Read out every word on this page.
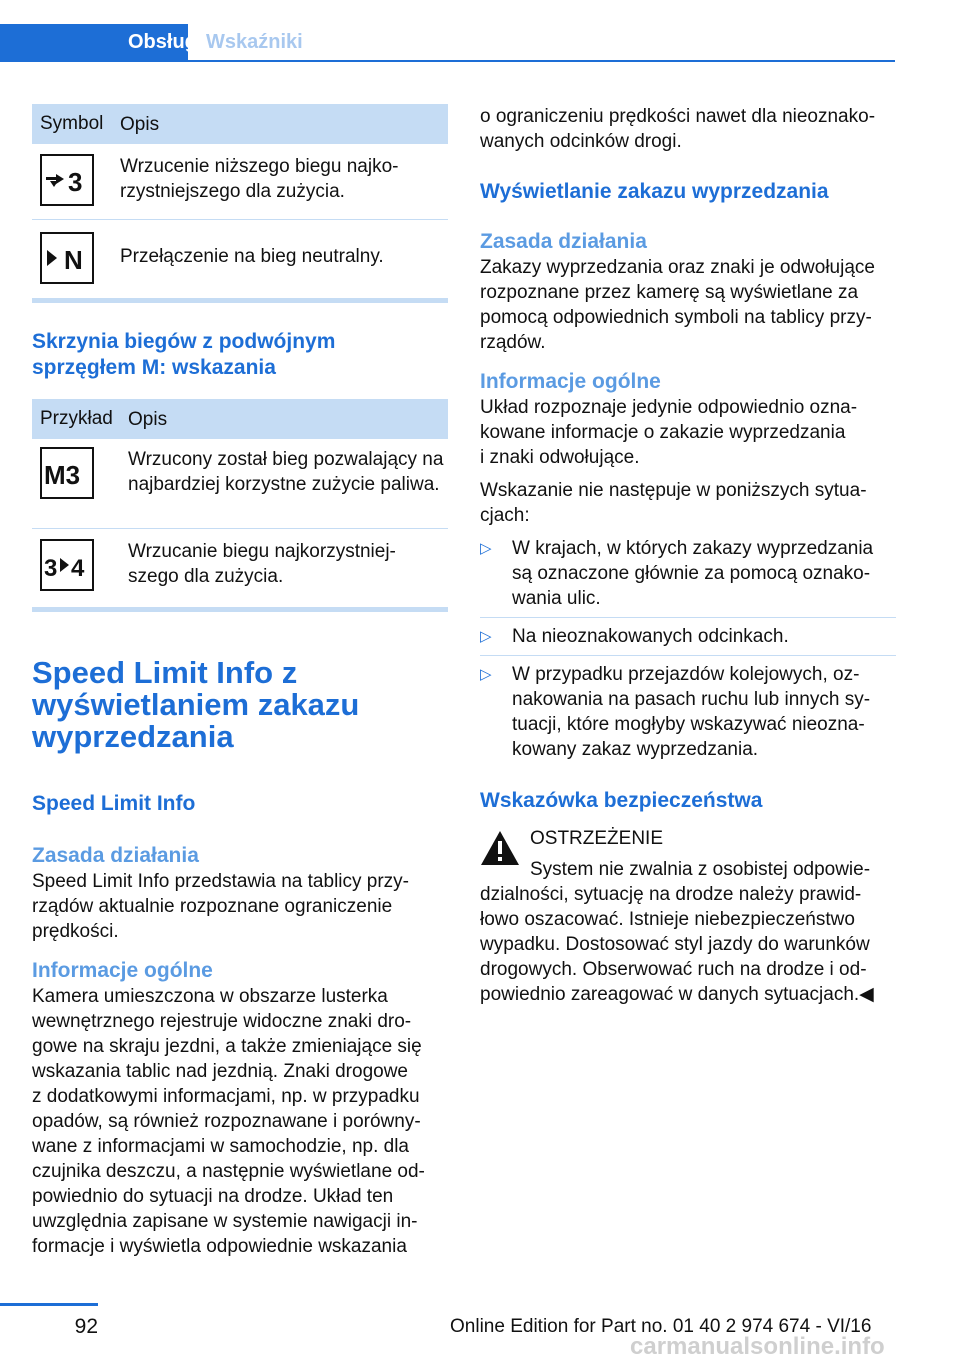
Obsługa
Wskaźniki
Symbol Opis
3
Wrzucenie niższego biegu najko-
rzystniejszego dla zużycia.
N Przełączenie na bieg neutralny.
Skrzynia biegów z podwójnym sprzęgłem M: wskazania
Przykład Opis
M3
Wrzucony został bieg pozwalający na najbardziej korzystne zużycie paliwa.
3 4
Wrzucanie biegu najkorzystniej-
szego dla zużycia.
Speed Limit Info z wyświetlaniem zakazu wyprzedzania
Speed Limit Info
Zasada działania

Speed Limit Info przedstawia na tablicy przy-
rządów aktualnie rozpoznane ograniczenie
prędkości.

Informacje ogólne

Kamera umieszczona w obszarze lusterka
wewnętrznego rejestruje widoczne znaki dro-
gowe na skraju jezdni, a także zmieniające się
wskazania tablic nad jezdnią. Znaki drogowe
z dodatkowymi informacjami, np. w przypadku
opadów, są również rozpoznawane i porówny-
wane z informacjami w samochodzie, np. dla
czujnika deszczu, a następnie wyświetlane od-
powiednio do sytuacji na drodze. Układ ten
uwzględnia zapisane w systemie nawigacji in-
formacje i wyświetla odpowiednie wskazania

o ograniczeniu prędkości nawet dla nieoznako-
wanych odcinków drogi.

Wyświetlanie zakazu wyprzedzania
Zasada działania

Zakazy wyprzedzania oraz znaki je odwołujące
rozpoznane przez kamerę są wyświetlane za
pomocą odpowiednich symboli na tablicy przy-
rządów.

Informacje ogólne

Układ rozpoznaje jedynie odpowiednio ozna-
kowane informacje o zakazie wyprzedzania
i znaki odwołujące.

Wskazanie nie następuje w poniższych sytua-
cjach:

▷ W krajach, w których zakazy wyprzedzania
są oznaczone głównie za pomocą oznako-
wania ulic.
▷ Na nieoznakowanych odcinkach.
▷ W przypadku przejazdów kolejowych, oz-
nakowania na pasach ruchu lub innych sy-
tuacji, które mogłyby wskazywać nieozna-
kowany zakaz wyprzedzania.
Wskazówka bezpieczeństwa

OSTRZEŻENIE

System nie zwalnia z osobistej odpowie-

dzialności, sytuację na drodze należy prawid-
łowo oszacować. Istnieje niebezpieczeństwo
wypadku. Dostosować styl jazdy do warunków
drogowych. Obserwować ruch na drodze i od-
powiednio zareagować w danych sytuacjach.◀

92	Online Edition for Part no. 01 40 2 974 674 - VI/16
carmanualsonline.info
